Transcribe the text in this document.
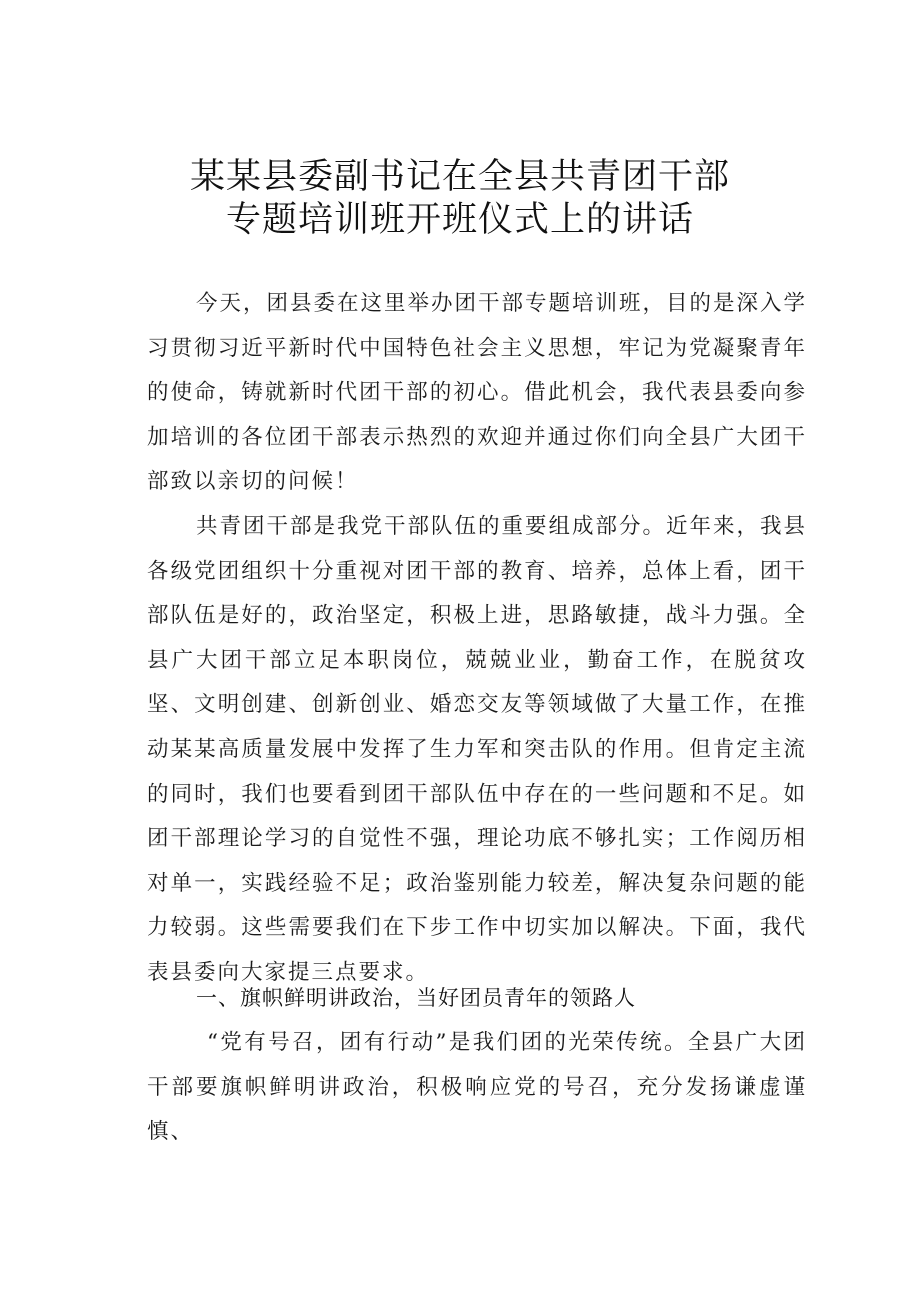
某某县委副书记在全县共青团干部
专题培训班开班仪式上的讲话

今天，团县委在这里举办团干部专题培训班，目的是深入学习贯彻习近平新时代中国特色社会主义思想，牢记为党凝聚青年的使命，铸就新时代团干部的初心。借此机会，我代表县委向参加培训的各位团干部表示热烈的欢迎并通过你们向全县广大团干部致以亲切的问候！

共青团干部是我党干部队伍的重要组成部分。近年来，我县各级党团组织十分重视对团干部的教育、培养，总体上看，团干部队伍是好的，政治坚定，积极上进，思路敏捷，战斗力强。全县广大团干部立足本职岗位，兢兢业业，勤奋工作，在脱贫攻坚、文明创建、创新创业、婚恋交友等领域做了大量工作，在推动某某高质量发展中发挥了生力军和突击队的作用。但肯定主流的同时，我们也要看到团干部队伍中存在的一些问题和不足。如团干部理论学习的自觉性不强，理论功底不够扎实；工作阅历相对单一，实践经验不足；政治鉴别能力较差，解决复杂问题的能力较弱。这些需要我们在下步工作中切实加以解决。下面，我代表县委向大家提三点要求。

一、旗帜鲜明讲政治，当好团员青年的领路人

“党有号召，团有行动”是我们团的光荣传统。全县广大团干部要旗帜鲜明讲政治，积极响应党的号召，充分发扬谦虚谨慎、
